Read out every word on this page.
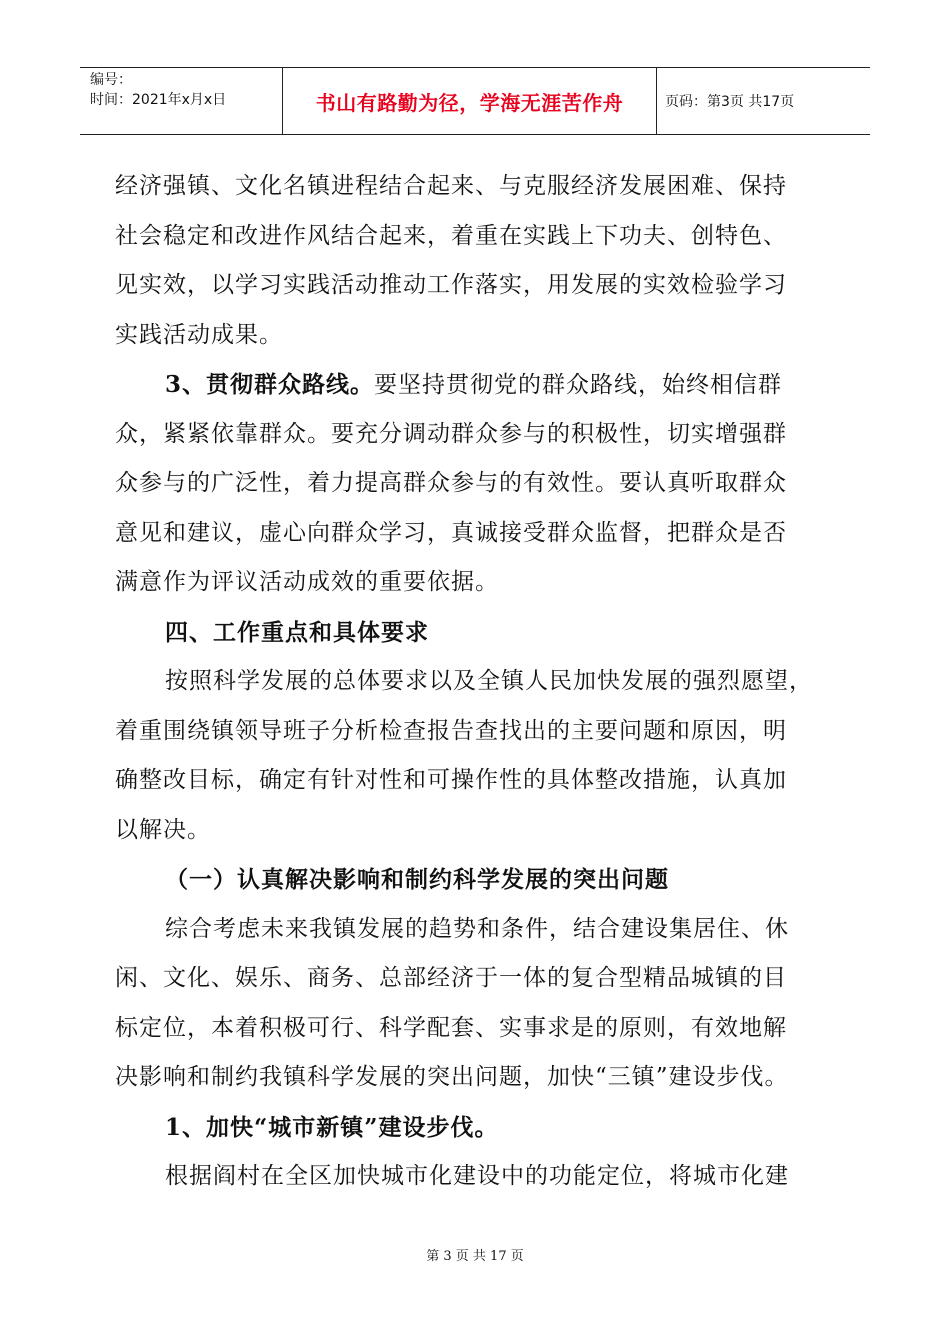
编号：
时间：2021年x月x日	书山有路勤为径，学海无涯苦作舟	页码：第3页 共17页
经济强镇、文化名镇进程结合起来、与克服经济发展困难、保持
社会稳定和改进作风结合起来，着重在实践上下功夫、创特色、
见实效，以学习实践活动推动工作落实，用发展的实效检验学习
实践活动成果。
3、贯彻群众路线。要坚持贯彻党的群众路线，始终相信群
众，紧紧依靠群众。要充分调动群众参与的积极性，切实增强群
众参与的广泛性，着力提高群众参与的有效性。要认真听取群众
意见和建议，虚心向群众学习，真诚接受群众监督，把群众是否
满意作为评议活动成效的重要依据。
四、工作重点和具体要求
按照科学发展的总体要求以及全镇人民加快发展的强烈愿望，
着重围绕镇领导班子分析检查报告查找出的主要问题和原因，明
确整改目标，确定有针对性和可操作性的具体整改措施，认真加
以解决。
（一）认真解决影响和制约科学发展的突出问题
综合考虑未来我镇发展的趋势和条件，结合建设集居住、休
闲、文化、娱乐、商务、总部经济于一体的复合型精品城镇的目
标定位，本着积极可行、科学配套、实事求是的原则，有效地解
决影响和制约我镇科学发展的突出问题，加快“三镇”建设步伐。
1、加快“城市新镇”建设步伐。
根据阎村在全区加快城市化建设中的功能定位，将城市化建
第 3 页 共 17 页
